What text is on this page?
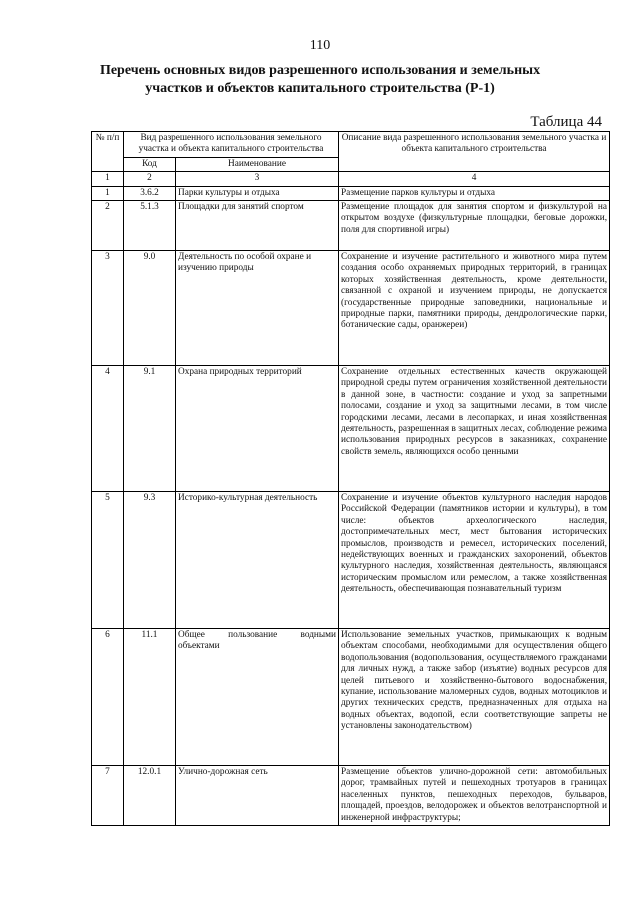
110
Перечень основных видов разрешенного использования и земельных
участков и объектов капитального строительства (Р-1)
Таблица 44
№ п/п	Вид разрешенного использования земельного участка и объекта капитального строительства		Описание вида разрешенного использования земельного участка и объекта капитального строительства
	Код	Наименование	
1	2	3	4
1	3.6.2	Парки культуры и отдыха	Размещение парков культуры и отдыха
2	5.1.3	Площадки для занятий спортом	Размещение площадок для занятия спортом и физкультурой на открытом воздухе (физкультурные площадки, беговые дорожки, поля для спортивной игры)
3	9.0	Деятельность по особой охране и изучению природы	Сохранение и изучение растительного и животного мира путем создания особо охраняемых природных территорий, в границах которых хозяйственная деятельность, кроме деятельности, связанной с охраной и изучением природы, не допускается (государственные природные заповедники, национальные и природные парки, памятники природы, дендрологические парки, ботанические сады, оранжереи)
4	9.1	Охрана природных территорий	Сохранение отдельных естественных качеств окружающей природной среды путем ограничения хозяйственной деятельности в данной зоне, в частности: создание и уход за запретными полосами, создание и уход за защитными лесами, в том числе городскими лесами, лесами в лесопарках, и иная хозяйственная деятельность, разрешенная в защитных лесах, соблюдение режима использования природных ресурсов в заказниках, сохранение свойств земель, являющихся особо ценными
5	9.3	Историко-культурная деятельность	Сохранение и изучение объектов культурного наследия народов Российской Федерации (памятников истории и культуры), в том числе: объектов археологического наследия, достопримечательных мест, мест бытования исторических промыслов, производств и ремесел, исторических поселений, недействующих военных и гражданских захоронений, объектов культурного наследия, хозяйственная деятельность, являющаяся историческим промыслом или ремеслом, а также хозяйственная деятельность, обеспечивающая познавательный туризм
6	11.1	Общее пользование водными объектами	Использование земельных участков, примыкающих к водным объектам способами, необходимыми для осуществления общего водопользования (водопользования, осуществляемого гражданами для личных нужд, а также забор (изъятие) водных ресурсов для целей питьевого и хозяйственно-бытового водоснабжения, купание, использование маломерных судов, водных мотоциклов и других технических средств, предназначенных для отдыха на водных объектах, водопой, если соответствующие запреты не установлены законодательством)
7	12.0.1	Улично-дорожная сеть	Размещение объектов улично-дорожной сети: автомобильных дорог, трамвайных путей и пешеходных тротуаров в границах населенных пунктов, пешеходных переходов, бульваров, площадей, проездов, велодорожек и объектов велотранспортной и инженерной инфраструктуры;
